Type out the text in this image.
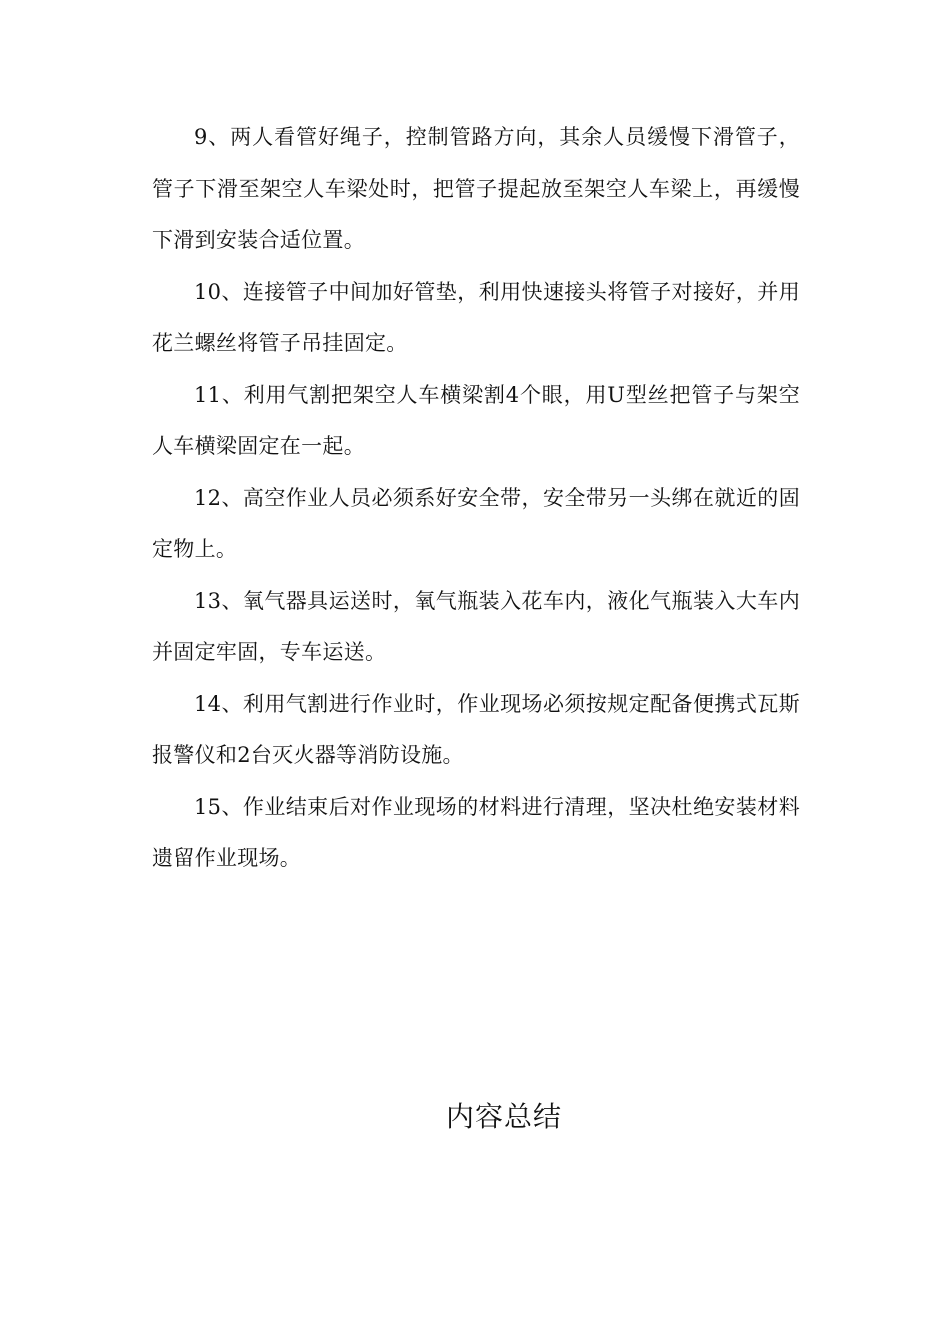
9、两人看管好绳子，控制管路方向，其余人员缓慢下滑管子，管子下滑至架空人车梁处时，把管子提起放至架空人车梁上，再缓慢下滑到安装合适位置。

10、连接管子中间加好管垫，利用快速接头将管子对接好，并用花兰螺丝将管子吊挂固定。

11、利用气割把架空人车横梁割4个眼，用U型丝把管子与架空人车横梁固定在一起。

12、高空作业人员必须系好安全带，安全带另一头绑在就近的固定物上。

13、氧气器具运送时，氧气瓶装入花车内，液化气瓶装入大车内并固定牢固，专车运送。

14、利用气割进行作业时，作业现场必须按规定配备便携式瓦斯报警仪和2台灭火器等消防设施。

15、作业结束后对作业现场的材料进行清理，坚决杜绝安装材料遗留作业现场。

内容总结
